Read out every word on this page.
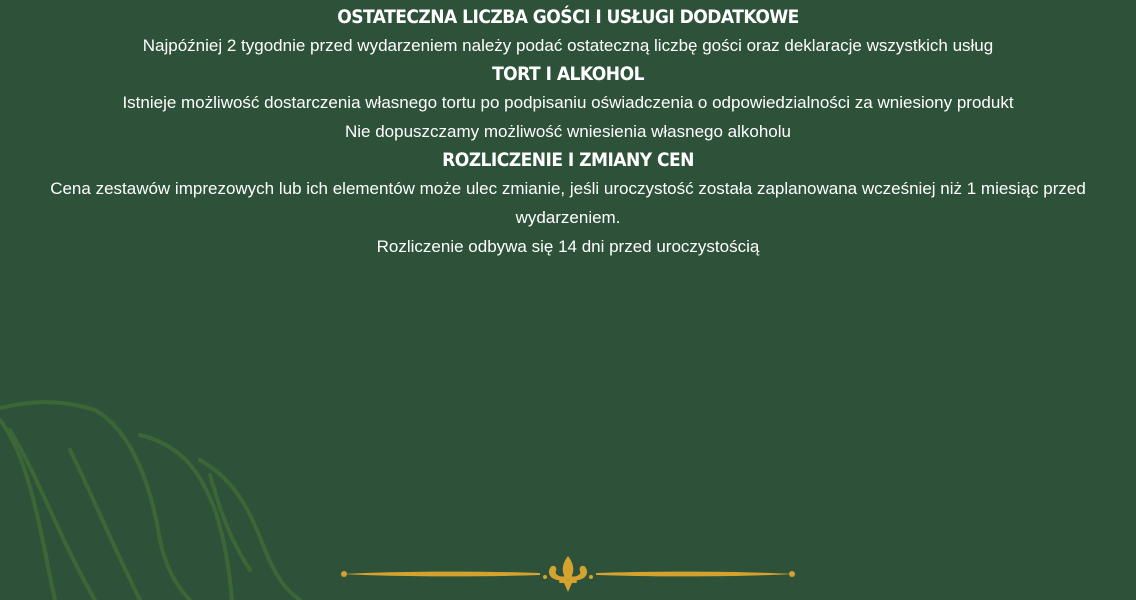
OSTATECZNA LICZBA GOŚCI I USŁUGI DODATKOWE

Najpóźniej 2 tygodnie przed wydarzeniem należy podać ostateczną liczbę gości oraz deklaracje wszystkich usług

TORT I ALKOHOL

Istnieje możliwość dostarczenia własnego tortu po podpisaniu oświadczenia o odpowiedzialności za wniesiony produkt

Nie dopuszczamy możliwość wniesienia własnego alkoholu

ROZLICZENIE I ZMIANY CEN

Cena zestawów imprezowych lub ich elementów może ulec zmianie, jeśli uroczystość została zaplanowana wcześniej niż 1 miesiąc przed wydarzeniem.

Rozliczenie odbywa się 14 dni przed uroczystością
